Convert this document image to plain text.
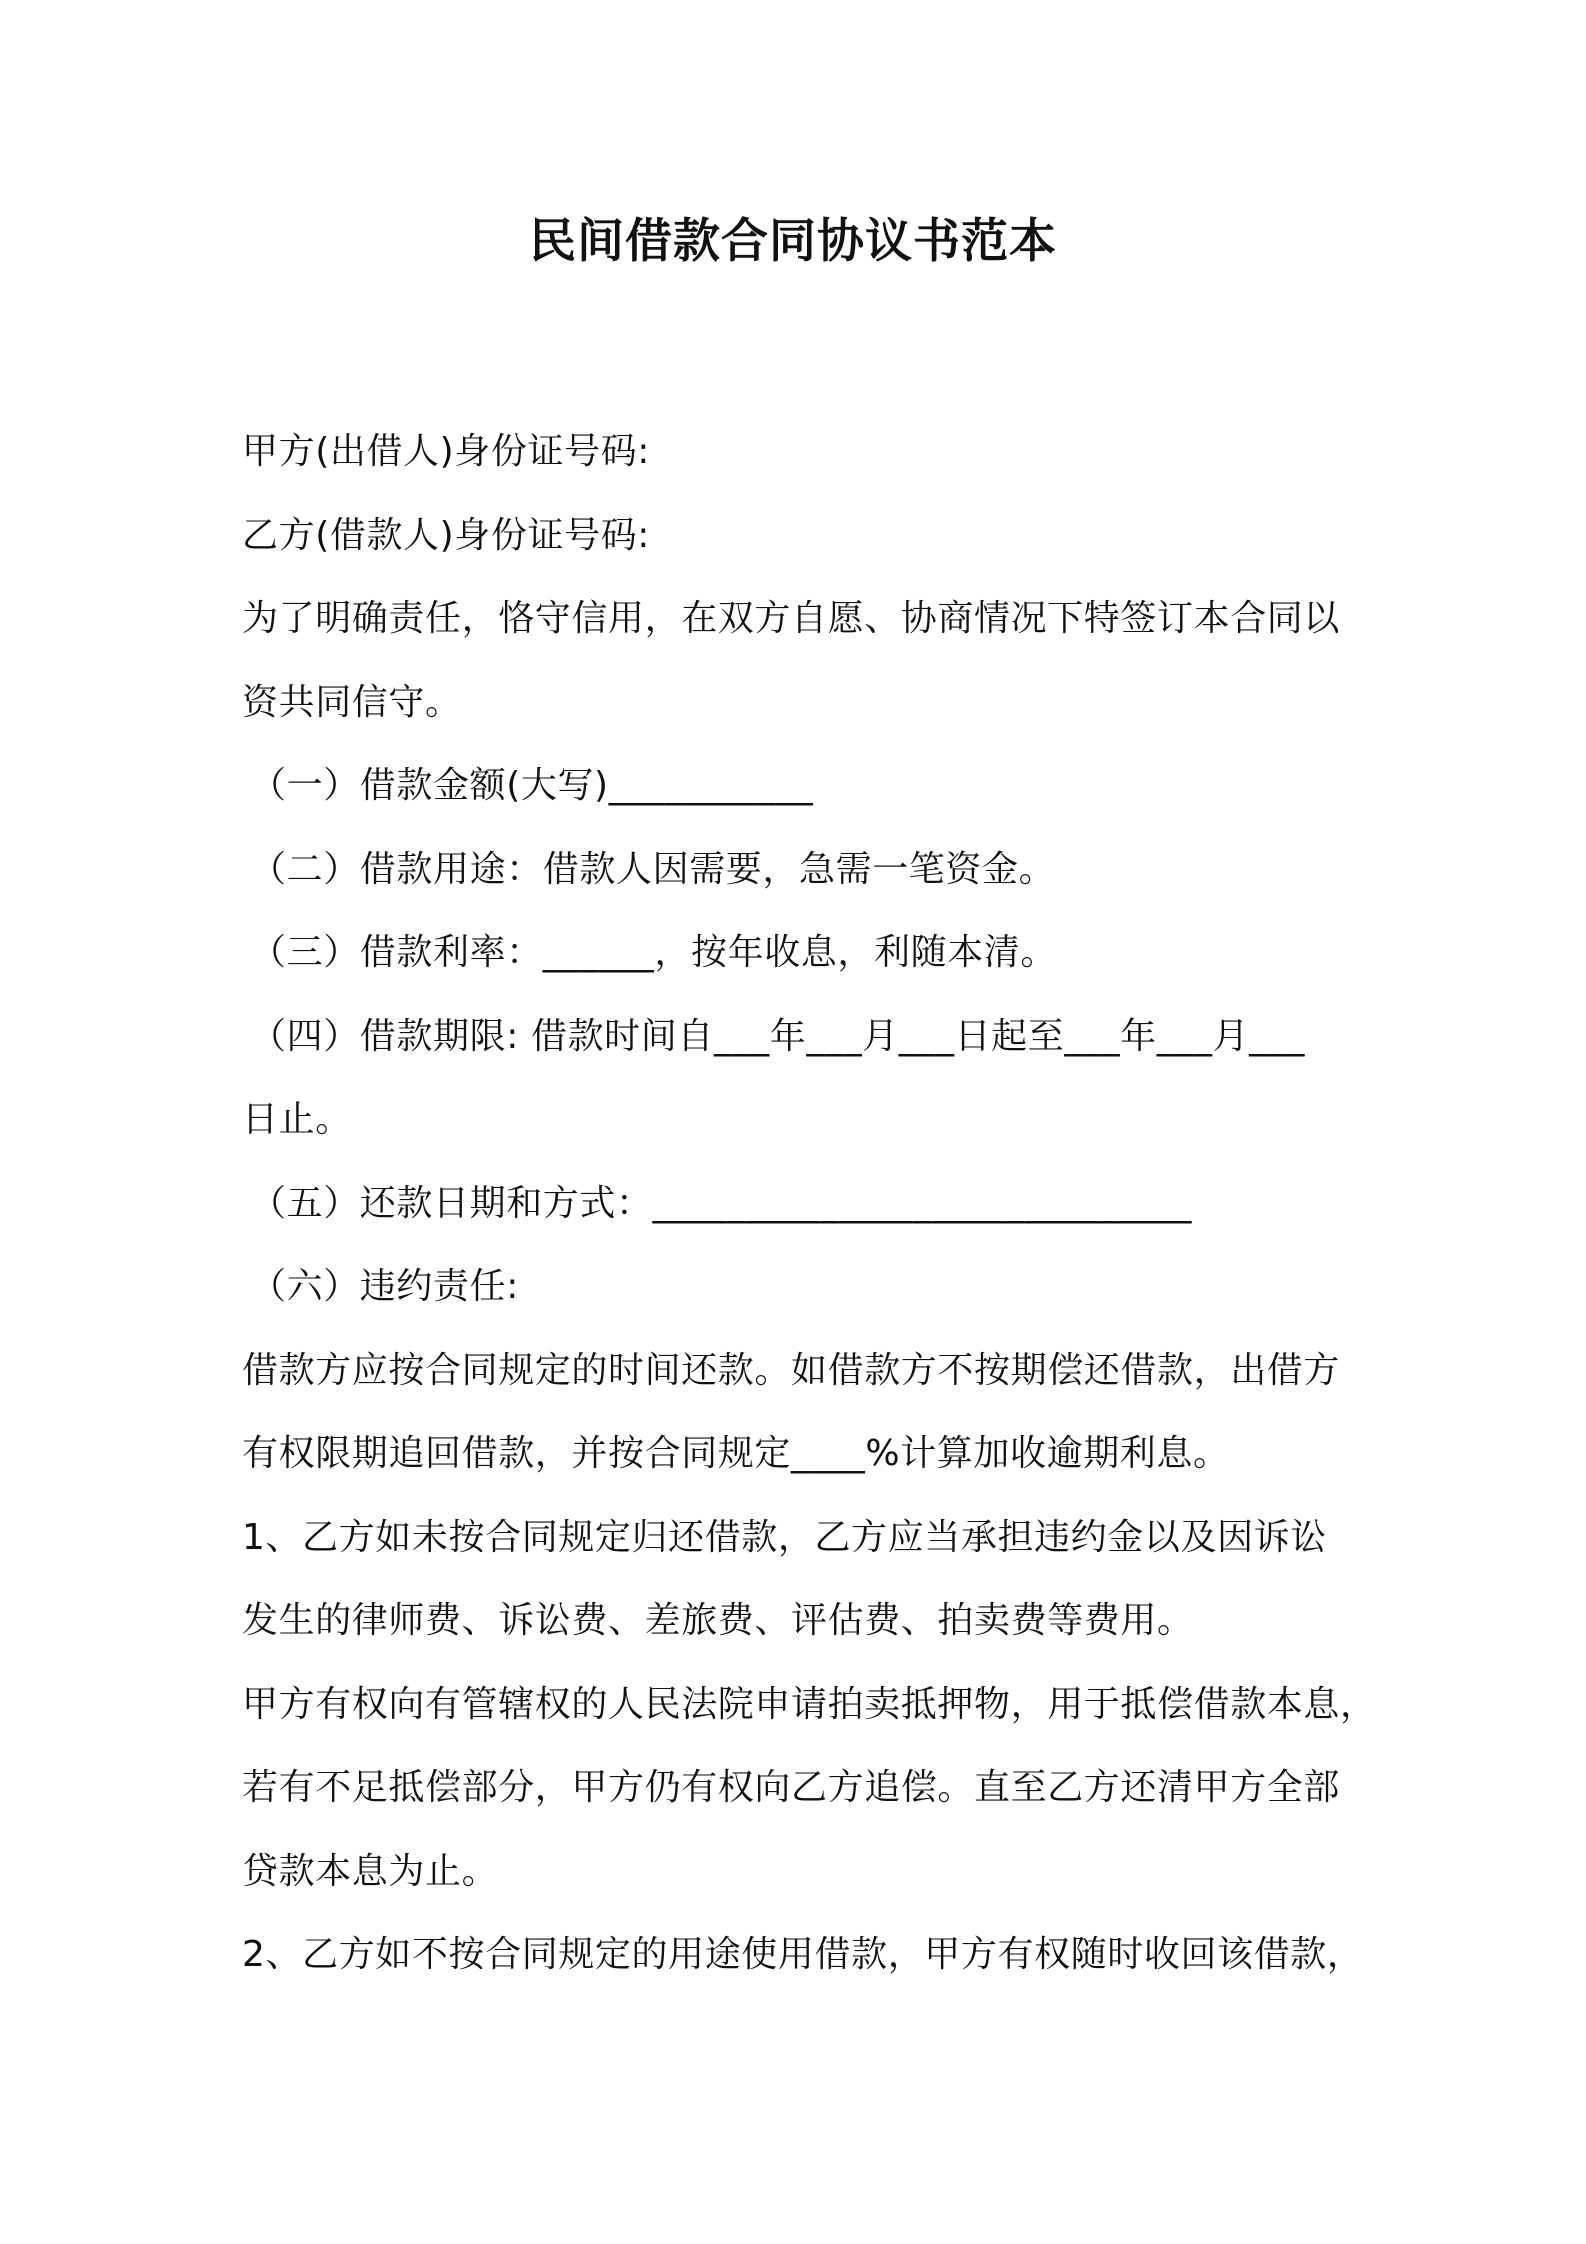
民间借款合同协议书范本
甲方(出借人)身份证号码:
乙方(借款人)身份证号码:
为了明确责任，恪守信用，在双方自愿、协商情况下特签订本合同以
资共同信守。
（一）借款金额(大写)___________
（二）借款用途：借款人因需要，急需一笔资金。
（三）借款利率：______，按年收息，利随本清。
（四）借款期限: 借款时间自___年___月___日起至___年___月___
日止。
（五）还款日期和方式：_____________________________
（六）违约责任:
借款方应按合同规定的时间还款。如借款方不按期偿还借款，出借方
有权限期追回借款，并按合同规定____%计算加收逾期利息。
1、乙方如未按合同规定归还借款，乙方应当承担违约金以及因诉讼
发生的律师费、诉讼费、差旅费、评估费、拍卖费等费用。
甲方有权向有管辖权的人民法院申请拍卖抵押物，用于抵偿借款本息，
若有不足抵偿部分，甲方仍有权向乙方追偿。直至乙方还清甲方全部
贷款本息为止。
2、乙方如不按合同规定的用途使用借款，甲方有权随时收回该借款，
